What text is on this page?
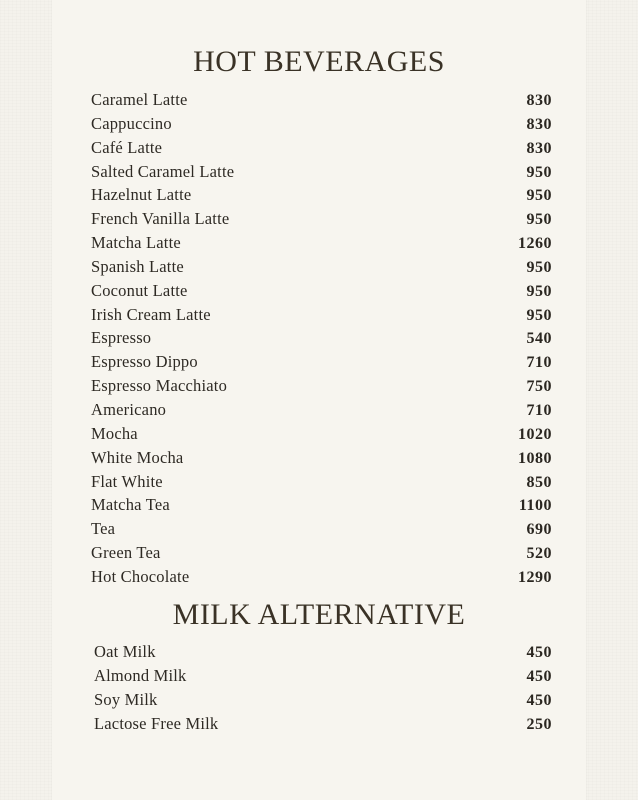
HOT BEVERAGES
Caramel Latte	830
Cappuccino	830
Café Latte	830
Salted Caramel Latte	950
Hazelnut Latte	950
French Vanilla Latte	950
Matcha Latte	1260
Spanish Latte	950
Coconut Latte	950
Irish Cream Latte	950
Espresso	540
Espresso Dippo	710
Espresso Macchiato	750
Americano	710
Mocha	1020
White Mocha	1080
Flat White	850
Matcha Tea	1100
Tea	690
Green Tea	520
Hot Chocolate	1290
MILK ALTERNATIVE
Oat Milk	450
Almond Milk	450
Soy Milk	450
Lactose Free Milk	250
